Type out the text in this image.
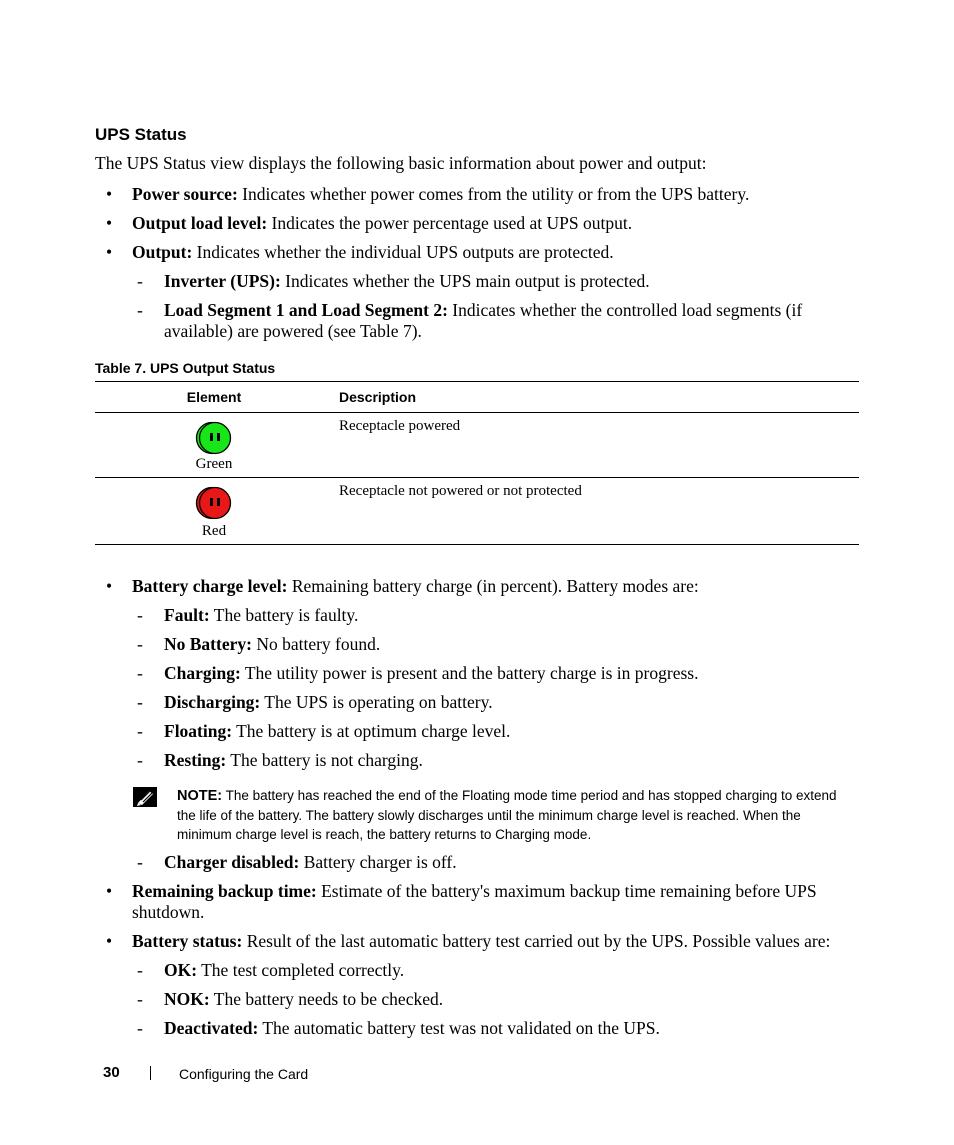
UPS Status
The UPS Status view displays the following basic information about power and output:
• Power source: Indicates whether power comes from the utility or from the UPS battery.
• Output load level: Indicates the power percentage used at UPS output.
• Output: Indicates whether the individual UPS outputs are protected.
- Inverter (UPS): Indicates whether the UPS main output is protected.
- Load Segment 1 and Load Segment 2: Indicates whether the controlled load segments (if available) are powered (see Table 7).
Table 7. UPS Output Status
Element	Description

Green	Receptacle powered

Red	Receptacle not powered or not protected
• Battery charge level: Remaining battery charge (in percent). Battery modes are:
- Fault: The battery is faulty.
- No Battery: No battery found.
- Charging: The utility power is present and the battery charge is in progress.
- Discharging: The UPS is operating on battery.
- Floating: The battery is at optimum charge level.
- Resting: The battery is not charging.
NOTE: The battery has reached the end of the Floating mode time period and has stopped charging to extend the life of the battery. The battery slowly discharges until the minimum charge level is reached. When the minimum charge level is reach, the battery returns to Charging mode.
- Charger disabled: Battery charger is off.
• Remaining backup time: Estimate of the battery's maximum backup time remaining before UPS shutdown.
• Battery status: Result of the last automatic battery test carried out by the UPS. Possible values are:
- OK: The test completed correctly.
- NOK: The battery needs to be checked.
- Deactivated: The automatic battery test was not validated on the UPS.
30	Configuring the Card
